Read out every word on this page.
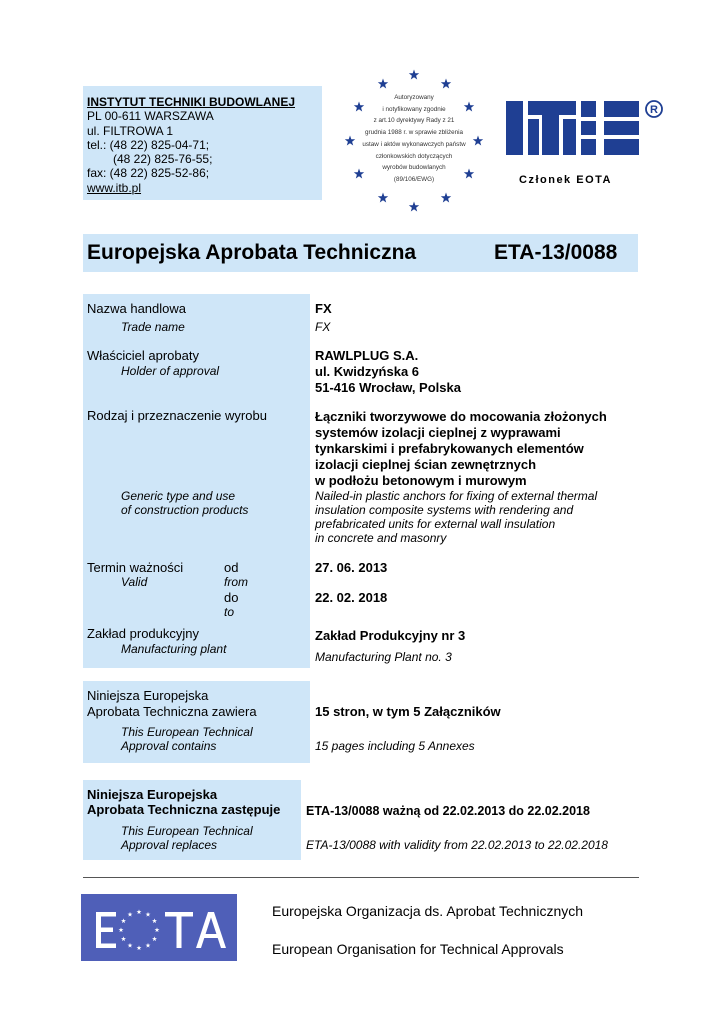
INSTYTUT TECHNIKI BUDOWLANEJ
PL 00-611 WARSZAWA
ul. FILTROWA 1
tel.: (48 22) 825-04-71;
(48 22) 825-76-55;
fax: (48 22) 825-52-86;
www.itb.pl
Autoryzowany
i notyfikowany zgodnie
z art.10 dyrektywy Rady z 21
grudnia 1988 r. w sprawie zbliżenia
ustaw i aktów wykonawczych państw
członkowskich dotyczących
wyrobów budowlanych
(89/106/EWG)
R
Członek EOTA
Europejska Aprobata Techniczna	ETA-13/0088
Nazwa handlowa
Trade name
FX
FX
Właściciel aprobaty
Holder of approval
RAWLPLUG S.A.
ul. Kwidzyńska 6
51-416 Wrocław, Polska
Rodzaj i przeznaczenie wyrobu	Łączniki tworzywowe do mocowania złożonych
systemów izolacji cieplnej z wyprawami
tynkarskimi i prefabrykowanych elementów
izolacji cieplnej ścian zewnętrznych
w podłożu betonowym i murowym
Generic type and use
of construction products
Nailed-in plastic anchors for fixing of external thermal
insulation composite systems with rendering and
prefabricated units for external wall insulation
in concrete and masonry
Termin ważności
Valid
od
from
do
to
27. 06. 2013
22. 02. 2018
Zakład produkcyjny
Manufacturing plant
Zakład Produkcyjny nr 3
Manufacturing Plant no. 3
Niniejsza Europejska
Aprobata Techniczna zawiera
This European Technical
Approval contains
15 stron, w tym 5 Załączników
15 pages including 5 Annexes
Niniejsza Europejska
Aprobata Techniczna zastępuje
This European Technical
Approval replaces
ETA-13/0088 ważną od 22.02.2013 do 22.02.2018
ETA-13/0088 with validity from 22.02.2013 to 22.02.2018
Europejska Organizacja ds. Aprobat Technicznych
European Organisation for Technical Approvals
